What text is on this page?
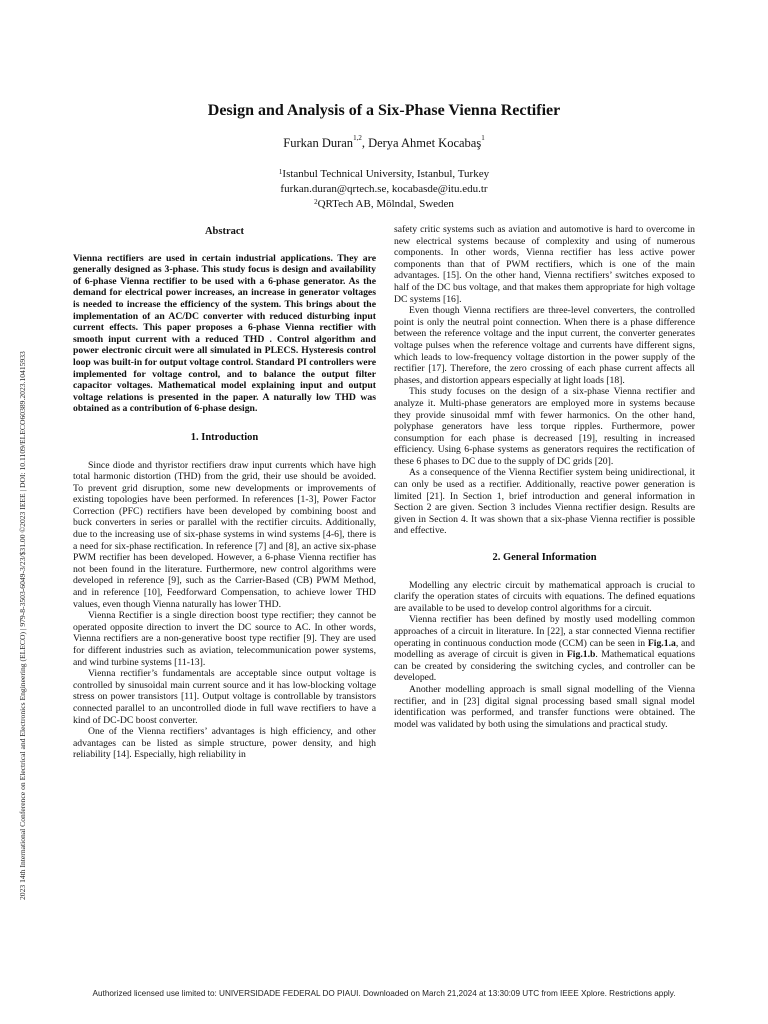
2023 14th International Conference on Electrical and Electronics Engineering (ELECO) | 979-8-3503-6049-3/23/$31.00 ©2023 IEEE | DOI: 10.1109/ELECO60389.2023.10415933
Design and Analysis of a Six-Phase Vienna Rectifier
Furkan Duran$^{1,2}$, Derya Ahmet Kocabaş$^1$
$^1$Istanbul Technical University, Istanbul, Turkey
furkan.duran@qrtech.se, kocabasde@itu.edu.tr
$^2$QRTech AB, Mölndal, Sweden
Abstract

Vienna rectifiers are used in certain industrial applications. They are generally designed as 3-phase. This study focus is design and availability of 6-phase Vienna rectifier to be used with a 6-phase generator. As the demand for electrical power increases, an increase in generator voltages is needed to increase the efficiency of the system. This brings about the implementation of an AC/DC converter with reduced disturbing input current effects. This paper proposes a 6-phase Vienna rectifier with smooth input current with a reduced THD . Control algorithm and power electronic circuit were all simulated in PLECS. Hysteresis control loop was built-in for output voltage control. Standard PI controllers were implemented for voltage control, and to balance the output filter capacitor voltages. Mathematical model explaining input and output voltage relations is presented in the paper. A naturally low THD was obtained as a contribution of 6-phase design.

1. Introduction

Since diode and thyristor rectifiers draw input currents which have high total harmonic distortion (THD) from the grid, their use should be avoided. To prevent grid disruption, some new developments or improvements of existing topologies have been performed. In references [1-3], Power Factor Correction (PFC) rectifiers have been developed by combining boost and buck converters in series or parallel with the rectifier circuits. Additionally, due to the increasing use of six-phase systems in wind systems [4-6], there is a need for six-phase rectification. In reference [7] and [8], an active six-phase PWM rectifier has been developed. However, a 6-phase Vienna rectifier has not been found in the literature. Furthermore, new control algorithms were developed in reference [9], such as the Carrier-Based (CB) PWM Method, and in reference [10], Feedforward Compensation, to achieve lower THD values, even though Vienna naturally has lower THD.

Vienna Rectifier is a single direction boost type rectifier; they cannot be operated opposite direction to invert the DC source to AC. In other words, Vienna rectifiers are a non-generative boost type rectifier [9]. They are used for different industries such as aviation, telecommunication power systems, and wind turbine systems [11-13].

Vienna rectifier’s fundamentals are acceptable since output voltage is controlled by sinusoidal main current source and it has low-blocking voltage stress on power transistors [11]. Output voltage is controllable by transistors connected parallel to an uncontrolled diode in full wave rectifiers to have a kind of DC-DC boost converter.

One of the Vienna rectifiers’ advantages is high efficiency, and other advantages can be listed as simple structure, power density, and high reliability [14]. Especially, high reliability in

safety critic systems such as aviation and automotive is hard to overcome in new electrical systems because of complexity and using of numerous components. In other words, Vienna rectifier has less active power components than that of PWM rectifiers, which is one of the main advantages. [15]. On the other hand, Vienna rectifiers’ switches exposed to half of the DC bus voltage, and that makes them appropriate for high voltage DC systems [16].

Even though Vienna rectifiers are three-level converters, the controlled point is only the neutral point connection. When there is a phase difference between the reference voltage and the input current, the converter generates voltage pulses when the reference voltage and currents have different signs, which leads to low-frequency voltage distortion in the power supply of the rectifier [17]. Therefore, the zero crossing of each phase current affects all phases, and distortion appears especially at light loads [18].

This study focuses on the design of a six-phase Vienna rectifier and analyze it. Multi-phase generators are employed more in systems because they provide sinusoidal mmf with fewer harmonics. On the other hand, polyphase generators have less torque ripples. Furthermore, power consumption for each phase is decreased [19], resulting in increased efficiency. Using 6-phase systems as generators requires the rectification of these 6 phases to DC due to the supply of DC grids [20].

As a consequence of the Vienna Rectifier system being unidirectional, it can only be used as a rectifier. Additionally, reactive power generation is limited [21]. In Section 1, brief introduction and general information in Section 2 are given. Section 3 includes Vienna rectifier design. Results are given in Section 4. It was shown that a six-phase Vienna rectifier is possible and effective.

2. General Information

Modelling any electric circuit by mathematical approach is crucial to clarify the operation states of circuits with equations. The defined equations are available to be used to develop control algorithms for a circuit.

Vienna rectifier has been defined by mostly used modelling common approaches of a circuit in literature. In [22], a star connected Vienna rectifier operating in continuous conduction mode (CCM) can be seen in Fig.1.a, and modelling as average of circuit is given in Fig.1.b. Mathematical equations can be created by considering the switching cycles, and controller can be developed.

Another modelling approach is small signal modelling of the Vienna rectifier, and in [23] digital signal processing based small signal model identification was performed, and transfer functions were obtained. The model was validated by both using the simulations and practical study.

Authorized licensed use limited to: UNIVERSIDADE FEDERAL DO PIAUI. Downloaded on March 21,2024 at 13:30:09 UTC from IEEE Xplore. Restrictions apply.
